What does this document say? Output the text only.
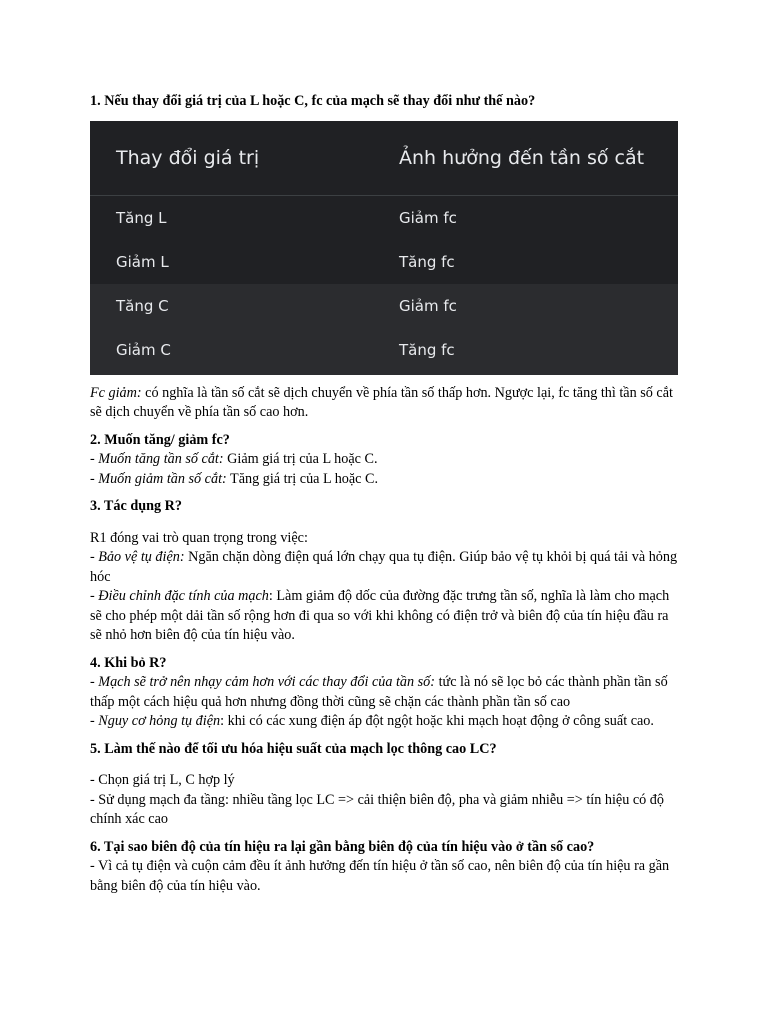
1. Nếu thay đổi giá trị của L hoặc C, fc của mạch sẽ thay đổi như thế nào?

Thay đổi giá trị	Ảnh hưởng đến tần số cắt
Tăng L	Giảm fc
Giảm L	Tăng fc
Tăng C	Giảm fc
Giảm C	Tăng fc

Fc giảm: có nghĩa là tần số cắt sẽ dịch chuyển về phía tần số thấp hơn. Ngược lại, fc tăng thì tần số cắt sẽ dịch chuyển về phía tần số cao hơn.

2. Muốn tăng/ giảm fc?

- Muốn tăng tần số cắt: Giảm giá trị của L hoặc C.

- Muốn giảm tần số cắt: Tăng giá trị của L hoặc C.

3. Tác dụng R?

R1 đóng vai trò quan trọng trong việc:

- Bảo vệ tụ điện: Ngăn chặn dòng điện quá lớn chạy qua tụ điện. Giúp bảo vệ tụ khỏi bị quá tải và hỏng hóc

- Điều chỉnh đặc tính của mạch: Làm giảm độ dốc của đường đặc trưng tần số, nghĩa là làm cho mạch sẽ cho phép một dải tần số rộng hơn đi qua so với khi không có điện trở và biên độ của tín hiệu đầu ra sẽ nhỏ hơn biên độ của tín hiệu vào.

4. Khi bỏ R?

- Mạch sẽ trở nên nhạy cảm hơn với các thay đổi của tần số: tức là nó sẽ lọc bỏ các thành phần tần số thấp một cách hiệu quả hơn nhưng đồng thời cũng sẽ chặn các thành phần tần số cao

- Nguy cơ hỏng tụ điện: khi có các xung điện áp đột ngột hoặc khi mạch hoạt động ở công suất cao.

5. Làm thế nào để tối ưu hóa hiệu suất của mạch lọc thông cao LC?

- Chọn giá trị L, C hợp lý

- Sử dụng mạch đa tầng: nhiều tầng lọc LC => cải thiện biên độ, pha và giảm nhiễu => tín hiệu có độ chính xác cao

6. Tại sao biên độ của tín hiệu ra lại gần bằng biên độ của tín hiệu vào ở tần số cao?

- Vì cả tụ điện và cuộn cảm đều ít ảnh hưởng đến tín hiệu ở tần số cao, nên biên độ của tín hiệu ra gần bằng biên độ của tín hiệu vào.
